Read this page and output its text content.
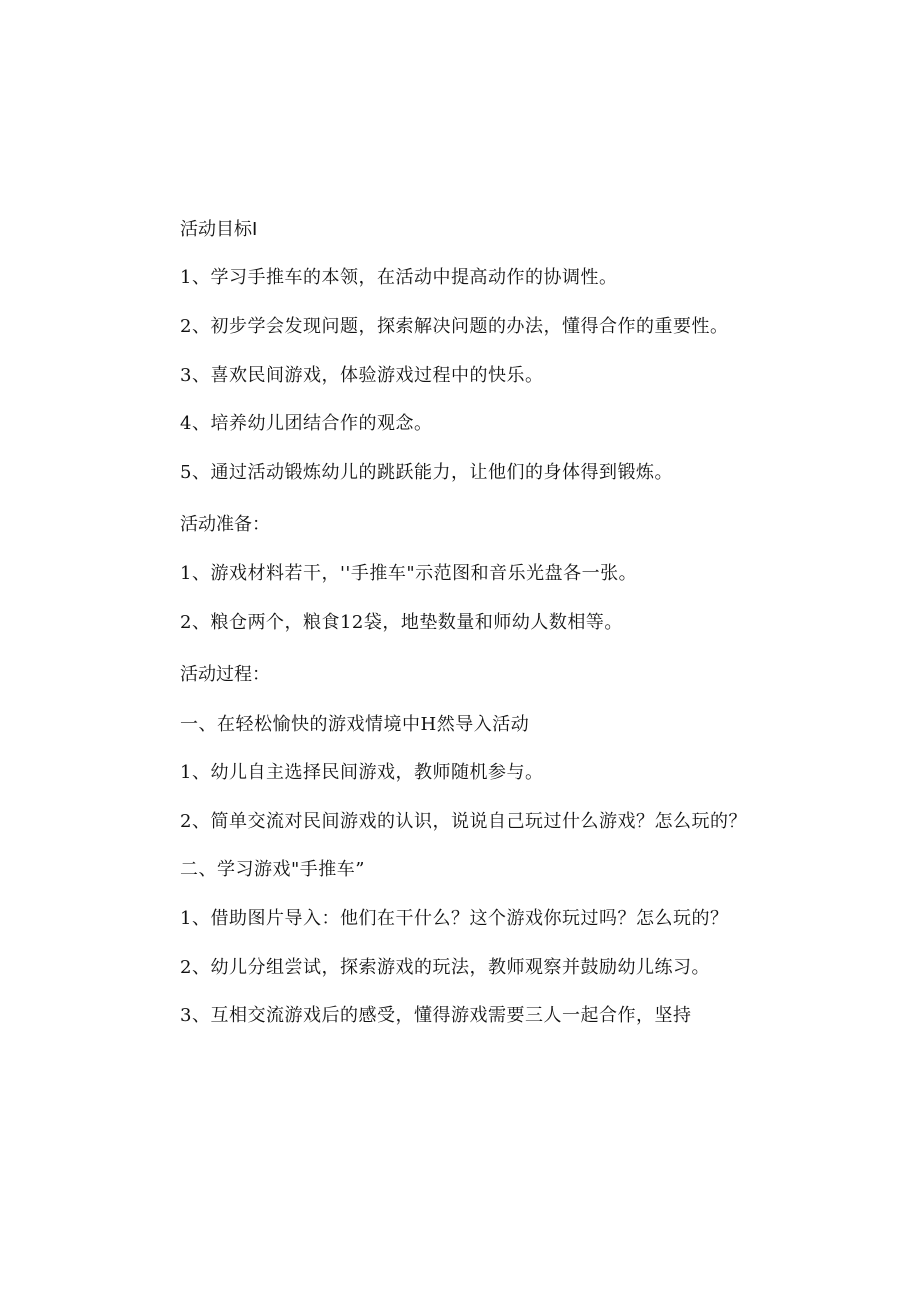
活动目标I
1、学习手推车的本领，在活动中提高动作的协调性。
2、初步学会发现问题，探索解决问题的办法，懂得合作的重要性。
3、喜欢民间游戏，体验游戏过程中的快乐。
4、培养幼儿团结合作的观念。
5、通过活动锻炼幼儿的跳跃能力，让他们的身体得到锻炼。
活动准备：
1、游戏材料若干，''手推车"示范图和音乐光盘各一张。
2、粮仓两个，粮食12袋，地垫数量和师幼人数相等。
活动过程：
一、在轻松愉快的游戏情境中H然导入活动
1、幼儿自主选择民间游戏，教师随机参与。
2、简单交流对民间游戏的认识，说说自己玩过什么游戏？怎么玩的？
二、学习游戏"手推车”
1、借助图片导入：他们在干什么？这个游戏你玩过吗？怎么玩的？
2、幼儿分组尝试，探索游戏的玩法，教师观察并鼓励幼儿练习。
3、互相交流游戏后的感受，懂得游戏需要三人一起合作，坚持
